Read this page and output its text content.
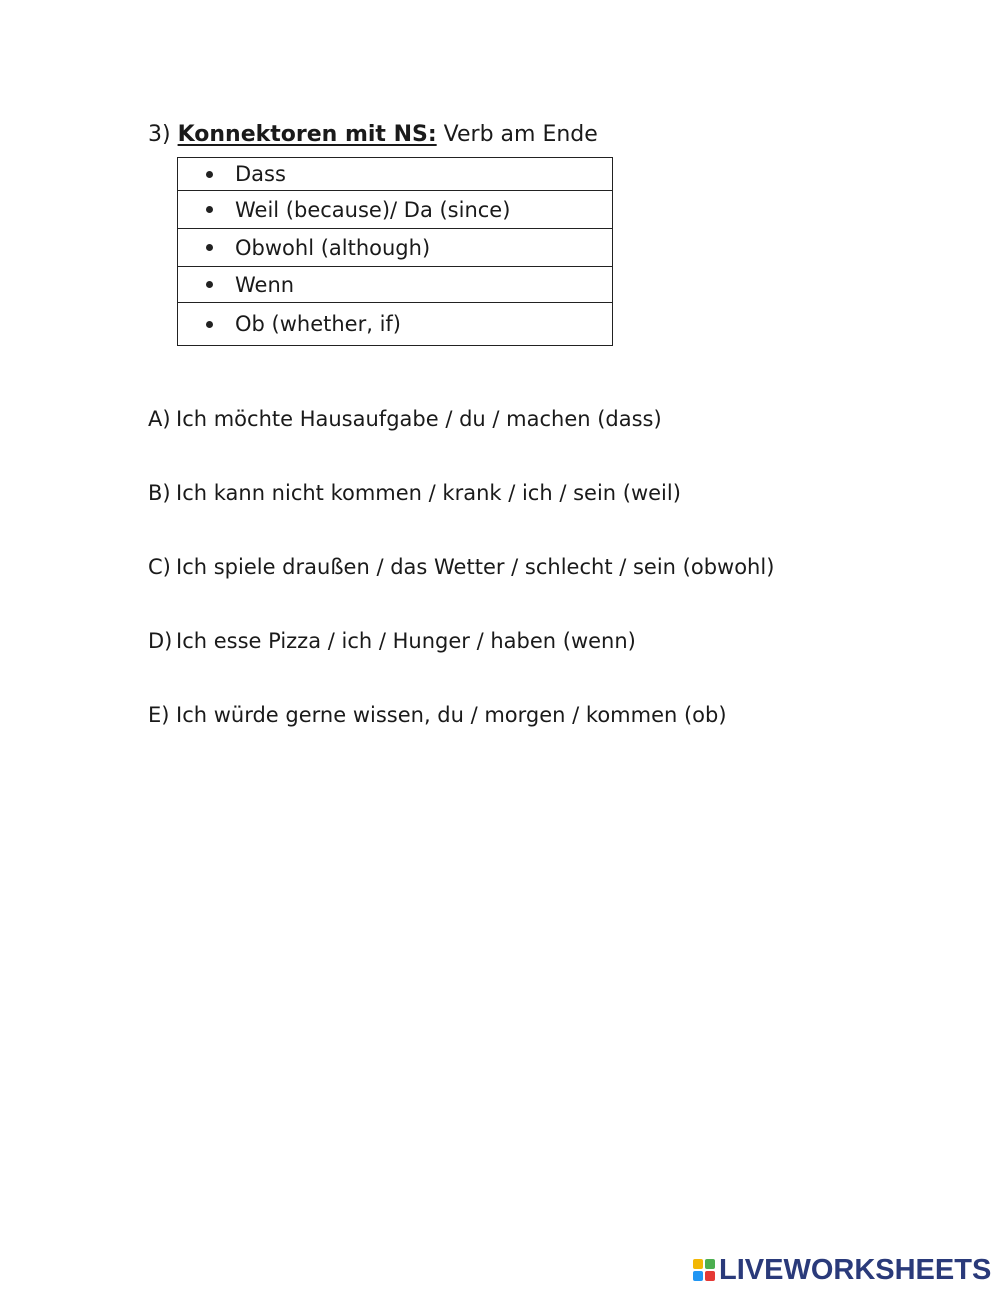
3) Konnektoren mit NS: Verb am Ende
Dass
Weil (because)/ Da (since)
Obwohl (although)
Wenn
Ob (whether, if)
A) Ich möchte Hausaufgabe / du / machen (dass)
B) Ich kann nicht kommen / krank / ich / sein (weil)
C) Ich spiele draußen / das Wetter / schlecht / sein (obwohl)
D) Ich esse Pizza / ich / Hunger / haben (wenn)
E) Ich würde gerne wissen, du / morgen / kommen (ob)
LIVEWORKSHEETS
